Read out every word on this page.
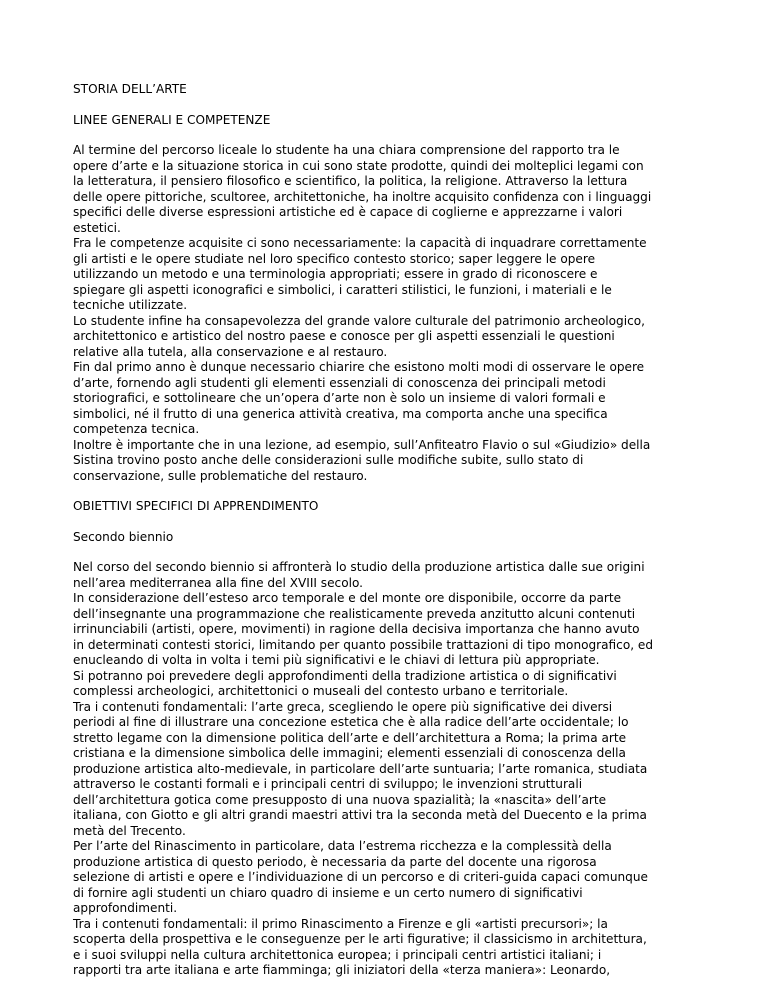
STORIA DELL’ARTE
LINEE GENERALI E COMPETENZE

Al termine del percorso liceale lo studente ha una chiara comprensione del rapporto tra le
opere d’arte e la situazione storica in cui sono state prodotte, quindi dei molteplici legami con
la letteratura, il pensiero filosofico e scientifico, la politica, la religione. Attraverso la lettura
delle opere pittoriche, scultoree, architettoniche, ha inoltre acquisito confidenza con i linguaggi
specifici delle diverse espressioni artistiche ed è capace di coglierne e apprezzarne i valori
estetici.

Fra le competenze acquisite ci sono necessariamente: la capacità di inquadrare correttamente
gli artisti e le opere studiate nel loro specifico contesto storico; saper leggere le opere
utilizzando un metodo e una terminologia appropriati; essere in grado di riconoscere e
spiegare gli aspetti iconografici e simbolici, i caratteri stilistici, le funzioni, i materiali e le
tecniche utilizzate.

Lo studente infine ha consapevolezza del grande valore culturale del patrimonio archeologico,
architettonico e artistico del nostro paese e conosce per gli aspetti essenziali le questioni
relative alla tutela, alla conservazione e al restauro.

Fin dal primo anno è dunque necessario chiarire che esistono molti modi di osservare le opere
d’arte, fornendo agli studenti gli elementi essenziali di conoscenza dei principali metodi
storiografici, e sottolineare che un’opera d’arte non è solo un insieme di valori formali e
simbolici, né il frutto di una generica attività creativa, ma comporta anche una specifica
competenza tecnica.

Inoltre è importante che in una lezione, ad esempio, sull’Anfiteatro Flavio o sul «Giudizio» della
Sistina trovino posto anche delle considerazioni sulle modifiche subite, sullo stato di
conservazione, sulle problematiche del restauro.

OBIETTIVI SPECIFICI DI APPRENDIMENTO
Secondo biennio

Nel corso del secondo biennio si affronterà lo studio della produzione artistica dalle sue origini
nell’area mediterranea alla fine del XVIII secolo.

In considerazione dell’esteso arco temporale e del monte ore disponibile, occorre da parte
dell’insegnante una programmazione che realisticamente preveda anzitutto alcuni contenuti
irrinunciabili (artisti, opere, movimenti) in ragione della decisiva importanza che hanno avuto
in determinati contesti storici, limitando per quanto possibile trattazioni di tipo monografico, ed
enucleando di volta in volta i temi più significativi e le chiavi di lettura più appropriate.

Si potranno poi prevedere degli approfondimenti della tradizione artistica o di significativi
complessi archeologici, architettonici o museali del contesto urbano e territoriale.

Tra i contenuti fondamentali: l’arte greca, scegliendo le opere più significative dei diversi
periodi al fine di illustrare una concezione estetica che è alla radice dell’arte occidentale; lo
stretto legame con la dimensione politica dell’arte e dell’architettura a Roma; la prima arte
cristiana e la dimensione simbolica delle immagini; elementi essenziali di conoscenza della
produzione artistica alto-medievale, in particolare dell’arte suntuaria; l’arte romanica, studiata
attraverso le costanti formali e i principali centri di sviluppo; le invenzioni strutturali
dell’architettura gotica come presupposto di una nuova spazialità; la «nascita» dell’arte
italiana, con Giotto e gli altri grandi maestri attivi tra la seconda metà del Duecento e la prima
metà del Trecento.

Per l’arte del Rinascimento in particolare, data l’estrema ricchezza e la complessità della
produzione artistica di questo periodo, è necessaria da parte del docente una rigorosa
selezione di artisti e opere e l’individuazione di un percorso e di criteri-guida capaci comunque
di fornire agli studenti un chiaro quadro di insieme e un certo numero di significativi
approfondimenti.

Tra i contenuti fondamentali: il primo Rinascimento a Firenze e gli «artisti precursori»; la
scoperta della prospettiva e le conseguenze per le arti figurative; il classicismo in architettura,
e i suoi sviluppi nella cultura architettonica europea; i principali centri artistici italiani; i
rapporti tra arte italiana e arte fiamminga; gli iniziatori della «terza maniera»: Leonardo,
